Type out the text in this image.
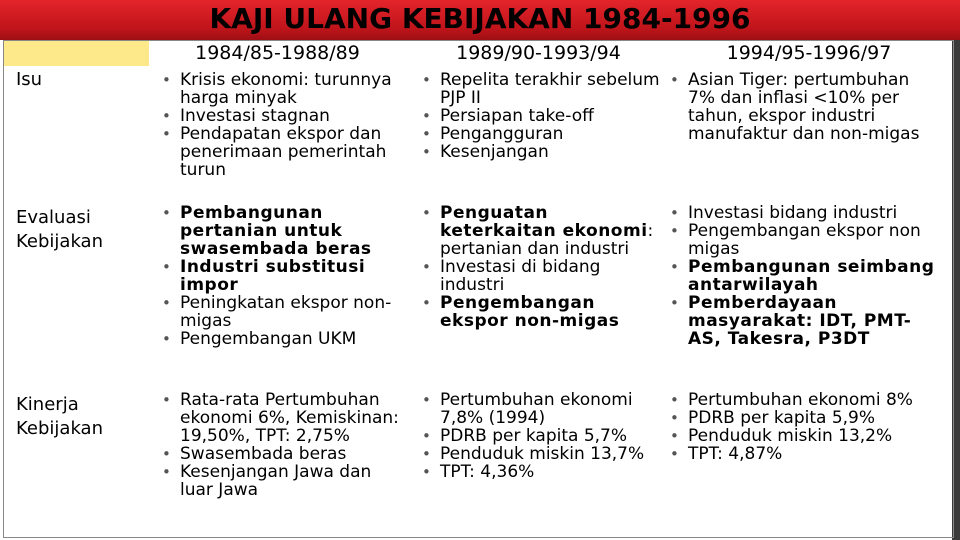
KAJI ULANG KEBIJAKAN 1984-1996
1984/85-1988/89	1989/90-1993/94	1994/95-1996/97
Isu
Evaluasi Kebijakan
Kinerja Kebijakan
• Krisis ekonomi: turunnya harga minyak
• Investasi stagnan
• Pendapatan ekspor dan penerimaan pemerintah turun
• Repelita terakhir sebelum PJP II
• Persiapan take-off
• Pengangguran
• Kesenjangan
• Asian Tiger: pertumbuhan 7% dan inflasi <10% per tahun, ekspor industri manufaktur dan non-migas
• Pembangunan pertanian untuk swasembada beras
• Industri substitusi impor
• Peningkatan ekspor non-migas
• Pengembangan UKM
• Penguatan keterkaitan ekonomi: pertanian dan industri
• Investasi di bidang industri
• Pengembangan ekspor non-migas
• Investasi bidang industri
• Pengembangan ekspor non migas
• Pembangunan seimbang antarwilayah
• Pemberdayaan masyarakat: IDT, PMT-AS, Takesra, P3DT
• Rata-rata Pertumbuhan ekonomi 6%, Kemiskinan: 19,50%, TPT: 2,75%
• Swasembada beras
• Kesenjangan Jawa dan luar Jawa
• Pertumbuhan ekonomi 7,8% (1994)
• PDRB per kapita 5,7%
• Penduduk miskin 13,7%
• TPT: 4,36%
• Pertumbuhan ekonomi 8%
• PDRB per kapita 5,9%
• Penduduk miskin 13,2%
• TPT: 4,87%
